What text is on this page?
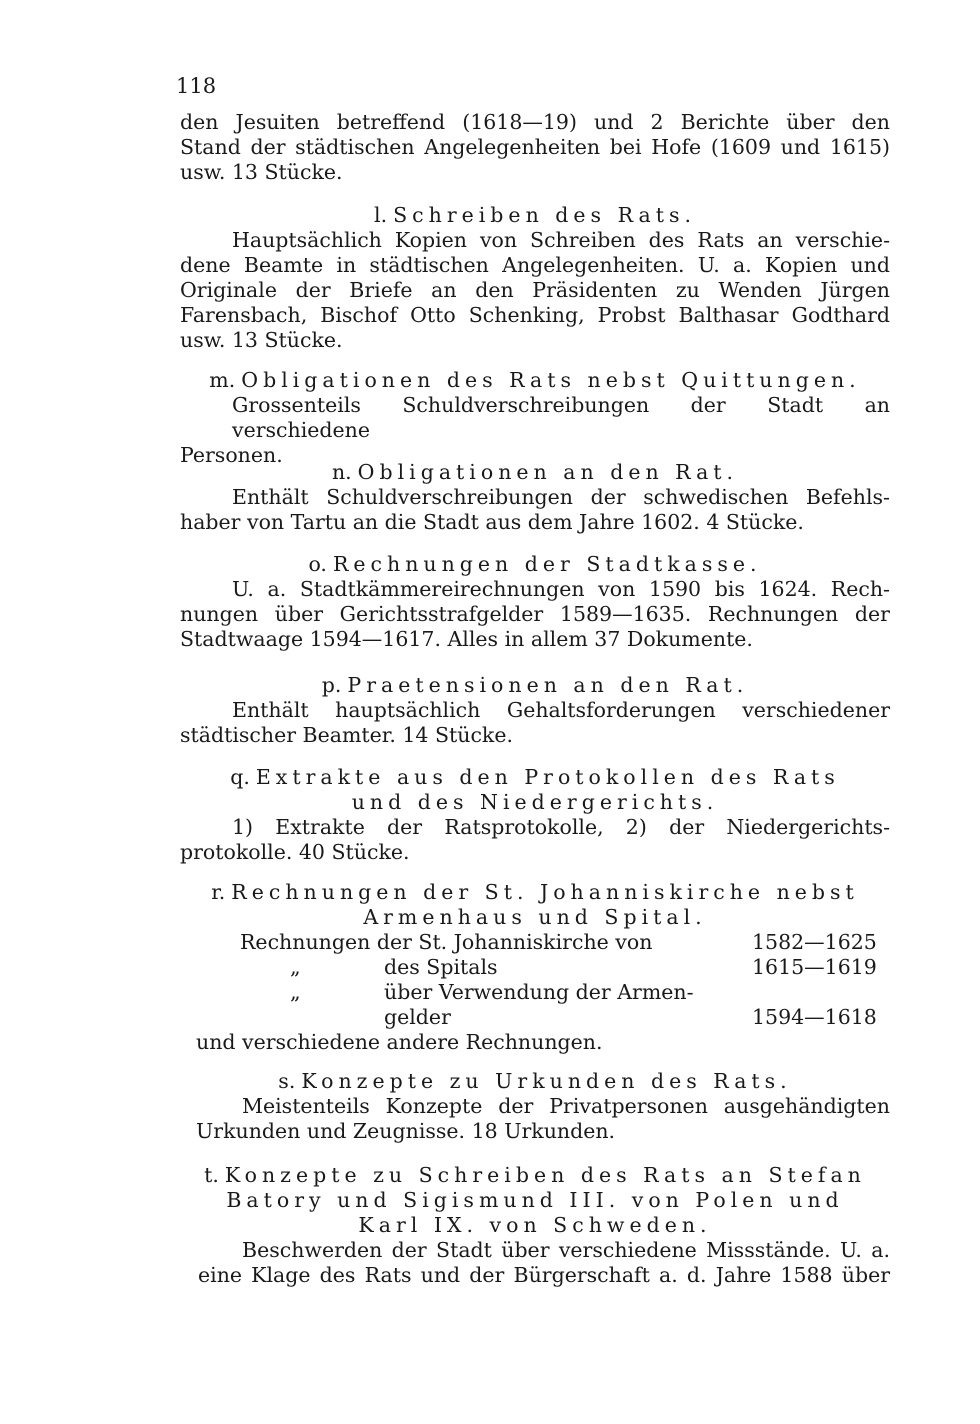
118
den Jesuiten betreffend (1618—19) und 2 Berichte über den
Stand der städtischen Angelegenheiten bei Hofe (1609 und 1615)
usw. 13 Stücke.
l. Schreiben des Rats.
Hauptsächlich Kopien von Schreiben des Rats an verschie-
dene Beamte in städtischen Angelegenheiten. U. a. Kopien und
Originale der Briefe an den Präsidenten zu Wenden Jürgen
Farensbach, Bischof Otto Schenking, Probst Balthasar Godthard
usw. 13 Stücke.
m. Obligationen des Rats nebst Quittungen.
Grossenteils Schuldverschreibungen der Stadt an verschiedene
Personen.
n. Obligationen an den Rat.
Enthält Schuldverschreibungen der schwedischen Befehls-
haber von Tartu an die Stadt aus dem Jahre 1602. 4 Stücke.
o. Rechnungen der Stadtkasse.
U. a. Stadtkämmereirechnungen von 1590 bis 1624. Rech-
nungen über Gerichtsstrafgelder 1589—1635. Rechnungen der
Stadtwaage 1594—1617. Alles in allem 37 Dokumente.
p. Praetensionen an den Rat.
Enthält hauptsächlich Gehaltsforderungen verschiedener
städtischer Beamter. 14 Stücke.
q. Extrakte aus den Protokollen des Rats
und des Niedergerichts.
1) Extrakte der Ratsprotokolle, 2) der Niedergerichts-
protokolle. 40 Stücke.
r. Rechnungen der St. Johanniskirche nebst
Armenhaus und Spital.
Rechnungen der St. Johanniskirche von	1582—1625
„	des Spitals	1615—1619
„	über Verwendung der Armen-
gelder	1594—1618
und verschiedene andere Rechnungen.
s. Konzepte zu Urkunden des Rats.
Meistenteils Konzepte der Privatpersonen ausgehändigten
Urkunden und Zeugnisse. 18 Urkunden.
t. Konzepte zu Schreiben des Rats an Stefan
Batory und Sigismund III. von Polen und
Karl IX. von Schweden.
Beschwerden der Stadt über verschiedene Missstände. U. a.
eine Klage des Rats und der Bürgerschaft a. d. Jahre 1588 über
